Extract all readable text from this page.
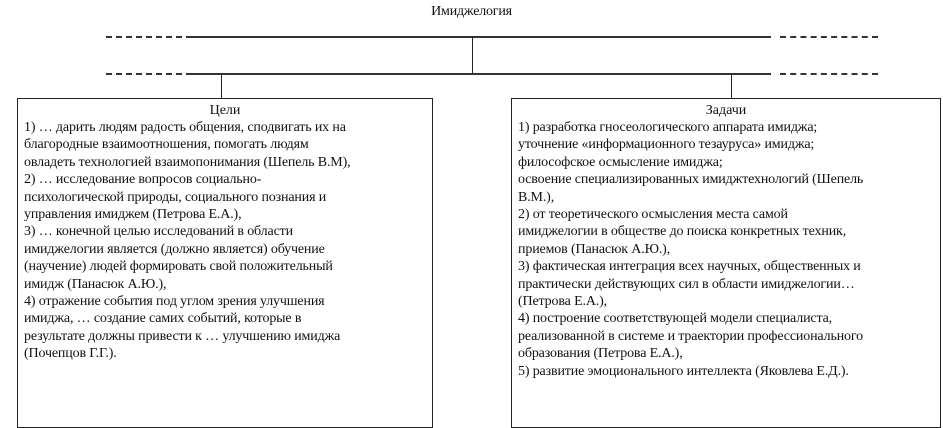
Имиджелогия
Цели
1) … дарить людям радость общения, сподвигать их на
благородные взаимоотношения, помогать людям
овладеть технологией взаимопонимания (Шепель В.М),
2) … исследование вопросов социально-
психологической природы, социального познания и
управления имиджем (Петрова Е.А.),
3) … конечной целью исследований в области
имиджелогии является (должно является) обучение
(научение) людей формировать свой положительный
имидж (Панасюк А.Ю.),
4) отражение события под углом зрения улучшения
имиджа, … создание самих событий, которые в
результате должны привести к … улучшению имиджа
(Почепцов Г.Г.).
Задачи
1) разработка гносеологического аппарата имиджа;
уточнение «информационного тезауруса» имиджа;
философское осмысление имиджа;
освоение специализированных имиджтехнологий (Шепель
В.М.),
2) от теоретического осмысления места самой
имиджелогии в обществе до поиска конкретных техник,
приемов (Панасюк А.Ю.),
3) фактическая интеграция всех научных, общественных и
практически действующих сил в области имиджелогии…
(Петрова Е.А.),
4) построение соответствующей модели специалиста,
реализованной в системе и траектории профессионального
образования (Петрова Е.А.),
5) развитие эмоционального интеллекта (Яковлева Е.Д.).
